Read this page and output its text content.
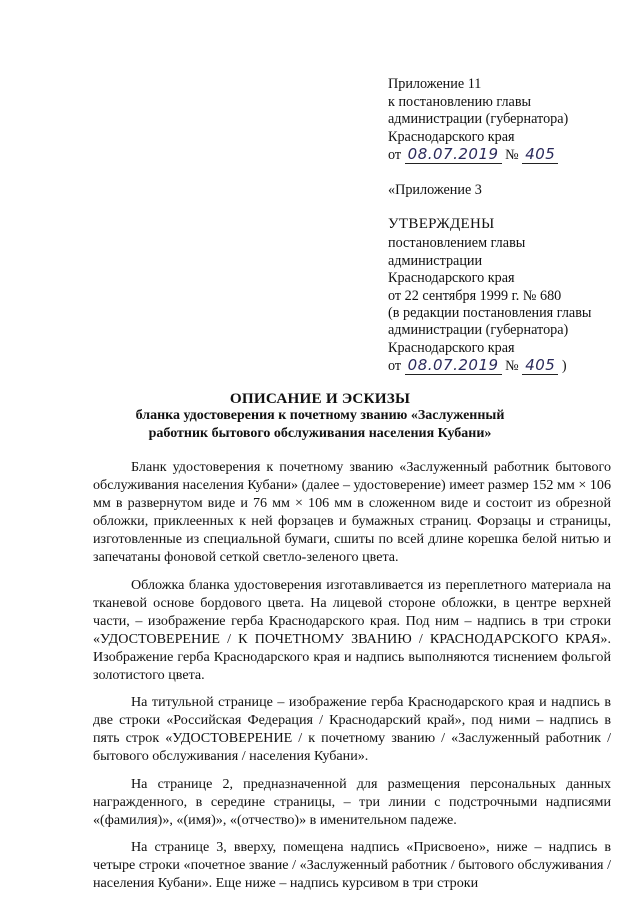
Приложение 11
к постановлению главы
администрации (губернатора)
Краснодарского края
от 08.07.2019 № 405
«Приложение 3
УТВЕРЖДЕНЫ
постановлением главы
администрации
Краснодарского края
от 22 сентября 1999 г. № 680
(в редакции постановления главы
администрации (губернатора)
Краснодарского края
от 08.07.2019 № 405 )
ОПИСАНИЕ И ЭСКИЗЫ
бланка удостоверения к почетному званию «Заслуженный
работник бытового обслуживания населения Кубани»

Бланк удостоверения к почетному званию «Заслуженный работник бытового обслуживания населения Кубани» (далее – удостоверение) имеет размер 152 мм × 106 мм в развернутом виде и 76 мм × 106 мм в сложенном виде и состоит из обрезной обложки, приклеенных к ней форзацев и бумажных страниц. Форзацы и страницы, изготовленные из специальной бумаги, сшиты по всей длине корешка белой нитью и запечатаны фоновой сеткой светло-зеленого цвета.

Обложка бланка удостоверения изготавливается из переплетного материала на тканевой основе бордового цвета. На лицевой стороне обложки, в центре верхней части, – изображение герба Краснодарского края. Под ним – надпись в три строки «УДОСТОВЕРЕНИЕ / К ПОЧЕТНОМУ ЗВАНИЮ / КРАСНОДАРСКОГО КРАЯ». Изображение герба Краснодарского края и надпись выполняются тиснением фольгой золотистого цвета.

На титульной странице – изображение герба Краснодарского края и надпись в две строки «Российская Федерация / Краснодарский край», под ними – надпись в пять строк «УДОСТОВЕРЕНИЕ / к почетному званию / «Заслуженный работник / бытового обслуживания / населения Кубани».

На странице 2, предназначенной для размещения персональных данных награжденного, в середине страницы, – три линии с подстрочными надписями «(фамилия)», «(имя)», «(отчество)» в именительном падеже.

На странице 3, вверху, помещена надпись «Присвоено», ниже – надпись в четыре строки «почетное звание / «Заслуженный работник / бытового обслуживания / населения Кубани». Еще ниже – надпись курсивом в три строки
